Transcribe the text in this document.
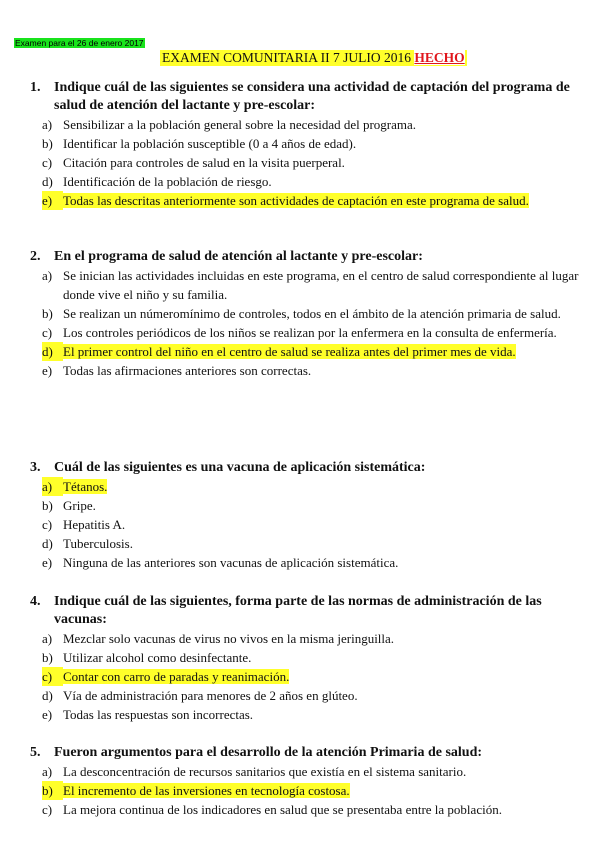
Examen para el 26 de enero 2017
EXAMEN COMUNITARIA II 7 JULIO 2016 HECHO
1. Indique cuál de las siguientes se considera una actividad de captación del programa de salud de atención del lactante y pre-escolar:
a) Sensibilizar a la población general sobre la necesidad del programa.
b) Identificar la población susceptible (0 a 4 años de edad).
c) Citación para controles de salud en la visita puerperal.
d) Identificación de la población de riesgo.
e) Todas las descritas anteriormente son actividades de captación en este programa de salud.
2. En el programa de salud de atención al lactante y pre-escolar:
a) Se inician las actividades incluidas en este programa, en el centro de salud correspondiente al lugar donde vive el niño y su familia.
b) Se realizan un númeromínimo de controles, todos en el ámbito de la atención primaria de salud.
c) Los controles periódicos de los niños se realizan por la enfermera en la consulta de enfermería.
d) El primer control del niño en el centro de salud se realiza antes del primer mes de vida.
e) Todas las afirmaciones anteriores son correctas.
3. Cuál de las siguientes es una vacuna de aplicación sistemática:
a) Tétanos.
b) Gripe.
c) Hepatitis A.
d) Tuberculosis.
e) Ninguna de las anteriores son vacunas de aplicación sistemática.
4. Indique cuál de las siguientes, forma parte de las normas de administración de las vacunas:
a) Mezclar solo vacunas de virus no vivos en la misma jeringuilla.
b) Utilizar alcohol como desinfectante.
c) Contar con carro de paradas y reanimación.
d) Vía de administración para menores de 2 años en glúteo.
e) Todas las respuestas son incorrectas.
5. Fueron argumentos para el desarrollo de la atención Primaria de salud:
a) La desconcentración de recursos sanitarios que existía en el sistema sanitario.
b) El incremento de las inversiones en tecnología costosa.
c) La mejora continua de los indicadores en salud que se presentaba entre la población.
